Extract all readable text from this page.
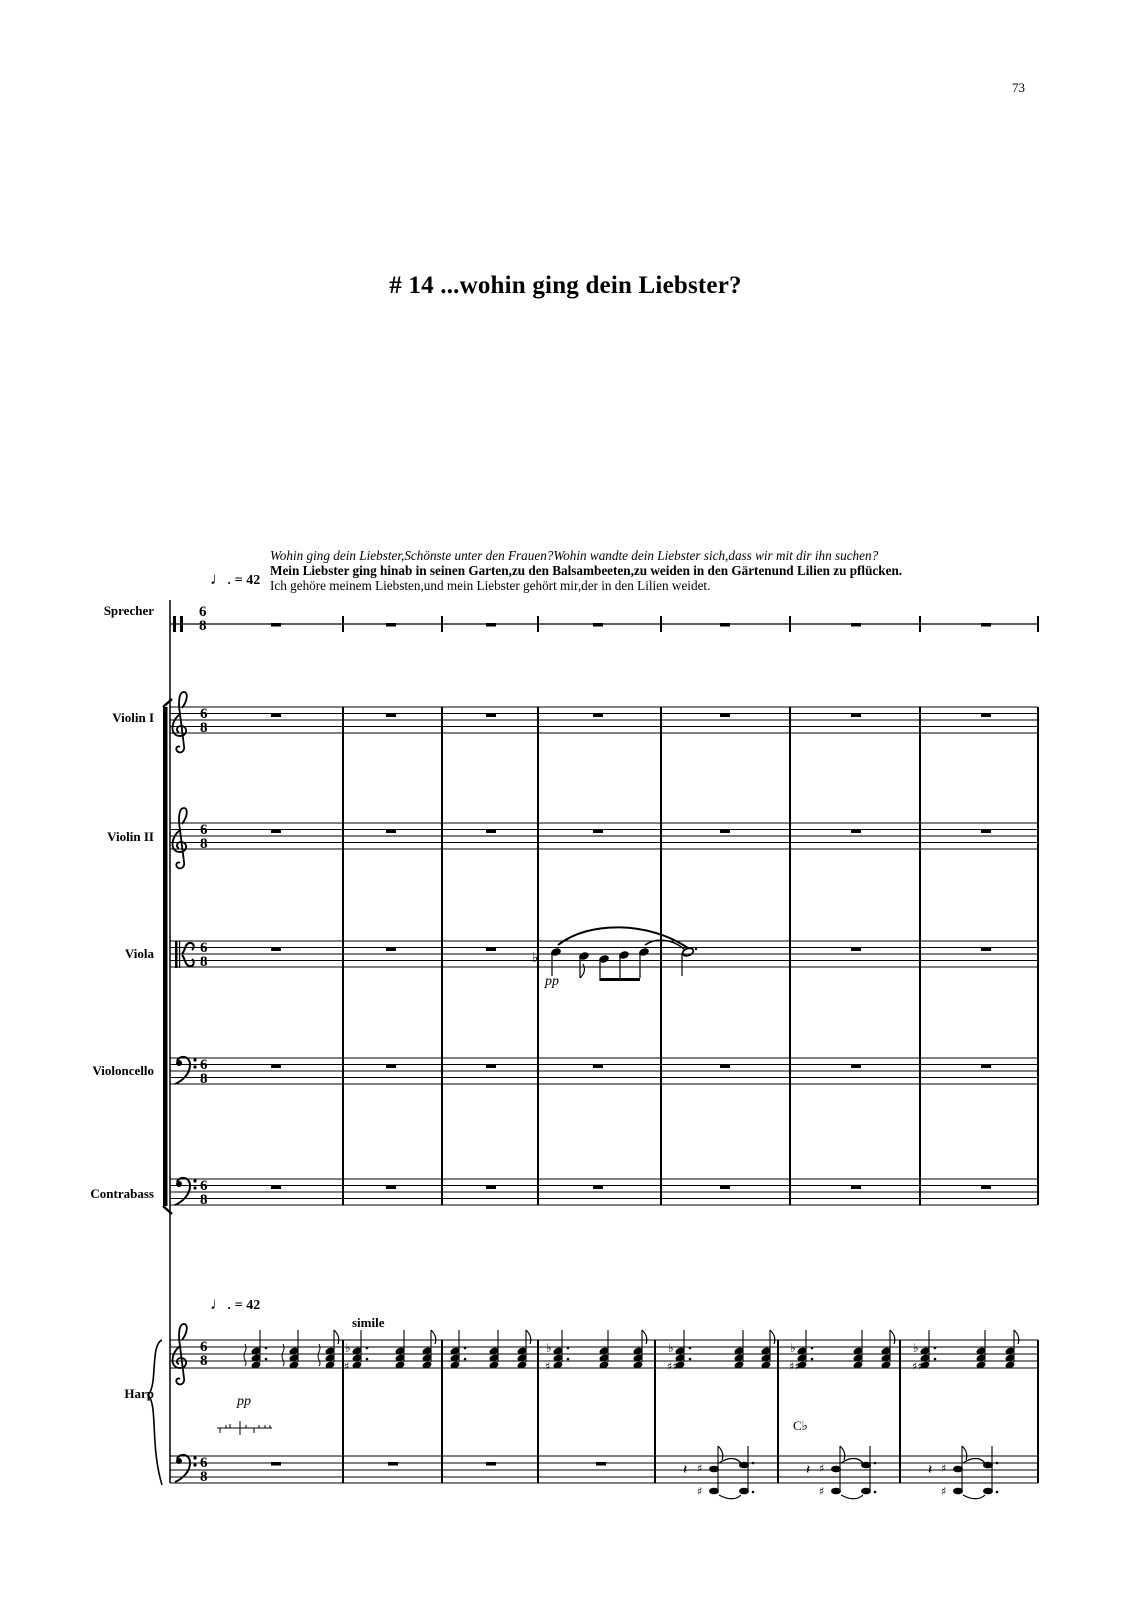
73
# 14 ...wohin ging dein Liebster?
Wohin ging dein Liebster,Schönste unter den Frauen?Wohin wandte dein Liebster sich,dass wir mit dir ihn suchen?
Mein Liebster ging hinab in seinen Garten,zu den Balsambeeten,zu weiden in den Gärtenund Lilien zu pflücken.
Ich gehöre meinem Liebsten,und mein Liebster gehört mir,der in den Lilien weidet.
♩. = 42
♩. = 42
Sprecher
Violin I
Violin II
Viola
Violoncello
Contrabass
Harp
pp
pp
simile
C♭
6
8
♭
♭
♯
♭
♯
♭
♯♯
♭
♯♯
♭
♯♯
𝄽 ♯
♯
𝄽 ♯
♯
𝄽 ♯
♯
